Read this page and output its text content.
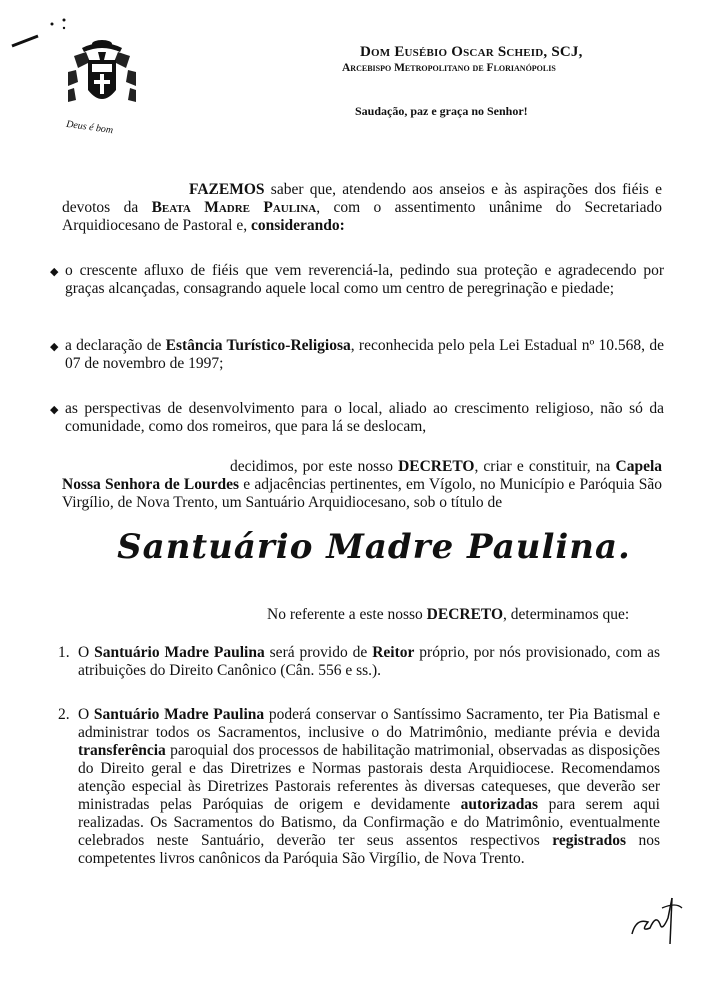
Deus é bom
Dom Eusébio Oscar Scheid, SCJ,
Arcebispo Metropolitano de Florianópolis
Saudação, paz e graça no Senhor!
FAZEMOS saber que, atendendo aos anseios e às aspirações dos fiéis e devotos da Beata Madre Paulina, com o assentimento unânime do Secretariado Arquidiocesano de Pastoral e, considerando:
◆ o crescente afluxo de fiéis que vem reverenciá-la, pedindo sua proteção e agradecendo por graças alcançadas, consagrando aquele local como um centro de peregrinação e piedade;
◆ a declaração de Estância Turístico-Religiosa, reconhecida pelo pela Lei Estadual nº 10.568, de 07 de novembro de 1997;
◆ as perspectivas de desenvolvimento para o local, aliado ao crescimento religioso, não só da comunidade, como dos romeiros, que para lá se deslocam,
decidimos, por este nosso DECRETO, criar e constituir, na Capela Nossa Senhora de Lourdes e adjacências pertinentes, em Vígolo, no Município e Paróquia São Virgílio, de Nova Trento, um Santuário Arquidiocesano, sob o título de
Santuário Madre Paulina.
No referente a este nosso DECRETO, determinamos que:
1. O Santuário Madre Paulina será provido de Reitor próprio, por nós provisionado, com as atribuições do Direito Canônico (Cân. 556 e ss.).
2. O Santuário Madre Paulina poderá conservar o Santíssimo Sacramento, ter Pia Batismal e administrar todos os Sacramentos, inclusive o do Matrimônio, mediante prévia e devida transferência paroquial dos processos de habilitação matrimonial, observadas as disposições do Direito geral e das Diretrizes e Normas pastorais desta Arquidiocese. Recomendamos atenção especial às Diretrizes Pastorais referentes às diversas catequeses, que deverão ser ministradas pelas Paróquias de origem e devidamente autorizadas para serem aqui realizadas. Os Sacramentos do Batismo, da Confirmação e do Matrimônio, eventualmente celebrados neste Santuário, deverão ter seus assentos respectivos registrados nos competentes livros canônicos da Paróquia São Virgílio, de Nova Trento.
